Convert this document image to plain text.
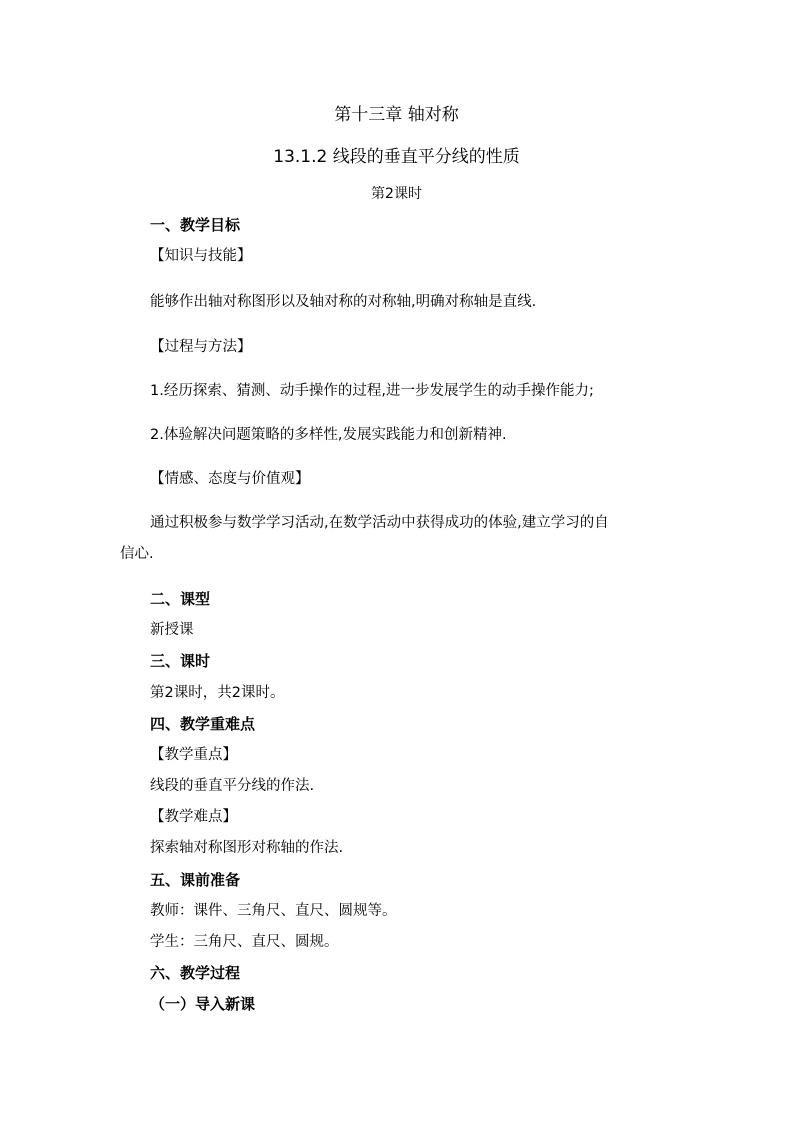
第十三章 轴对称
13.1.2 线段的垂直平分线的性质
第2课时
一、教学目标
【知识与技能】
能够作出轴对称图形以及轴对称的对称轴,明确对称轴是直线.
【过程与方法】
1.经历探索、猜测、动手操作的过程,进一步发展学生的动手操作能力;
2.体验解决问题策略的多样性,发展实践能力和创新精神.
【情感、态度与价值观】
通过积极参与数学学习活动,在数学活动中获得成功的体验,建立学习的自
信心.
二、课型
新授课
三、课时
第2课时，共2课时。
四、教学重难点
【教学重点】
线段的垂直平分线的作法.
【教学难点】
探索轴对称图形对称轴的作法.
五、课前准备
教师：课件、三角尺、直尺、圆规等。
学生：三角尺、直尺、圆规。
六、教学过程
（一）导入新课
